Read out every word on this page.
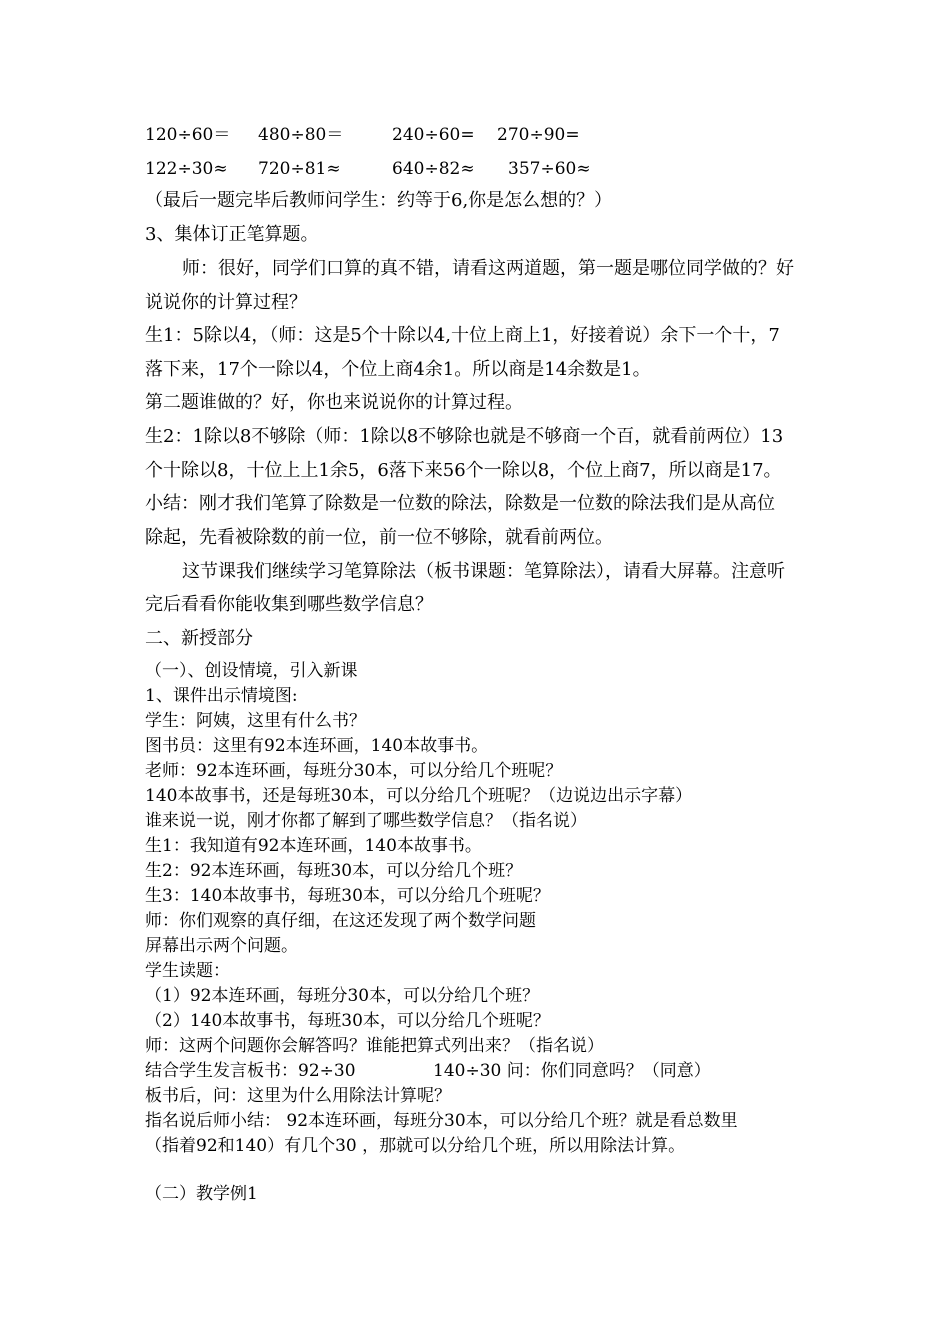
120÷60＝ 480÷80＝	240÷60= 270÷90=
122÷30≈ 720÷81≈	640÷82≈ 357÷60≈
（最后一题完毕后教师问学生：约等于6,你是怎么想的？）
3、集体订正笔算题。
师：很好，同学们口算的真不错，请看这两道题，第一题是哪位同学做的？好
说说你的计算过程？
生1：5除以4，（师：这是5个十除以4,十位上商上1，好接着说）余下一个十，7
落下来，17个一除以4，个位上商4余1。所以商是14余数是1。
第二题谁做的？好，你也来说说你的计算过程。
生2：1除以8不够除（师：1除以8不够除也就是不够商一个百，就看前两位）13
个十除以8，十位上上1余5，6落下来56个一除以8，个位上商7，所以商是17。
小结：刚才我们笔算了除数是一位数的除法，除数是一位数的除法我们是从高位
除起，先看被除数的前一位，前一位不够除，就看前两位。
这节课我们继续学习笔算除法（板书课题：笔算除法），请看大屏幕。注意听
完后看看你能收集到哪些数学信息？
二、新授部分
（一）、创设情境，引入新课
1、课件出示情境图:
学生：阿姨，这里有什么书？
图书员：这里有92本连环画，140本故事书。
老师：92本连环画，每班分30本，可以分给几个班呢？
140本故事书，还是每班30本，可以分给几个班呢？（边说边出示字幕）
谁来说一说，刚才你都了解到了哪些数学信息？（指名说）
生1：我知道有92本连环画，140本故事书。
生2：92本连环画，每班30本，可以分给几个班？
生3：140本故事书，每班30本，可以分给几个班呢？
师：你们观察的真仔细，在这还发现了两个数学问题
屏幕出示两个问题。
学生读题：
（1）92本连环画，每班分30本，可以分给几个班？
（2）140本故事书，每班30本，可以分给几个班呢？
师：这两个问题你会解答吗？谁能把算式列出来？（指名说）
结合学生发言板书：92÷30	140÷30 问：你们同意吗？（同意）
板书后，问：这里为什么用除法计算呢？
指名说后师小结： 92本连环画，每班分30本，可以分给几个班？就是看总数里
（指着92和140）有几个30 ，那就可以分给几个班，所以用除法计算。
（二）教学例1
